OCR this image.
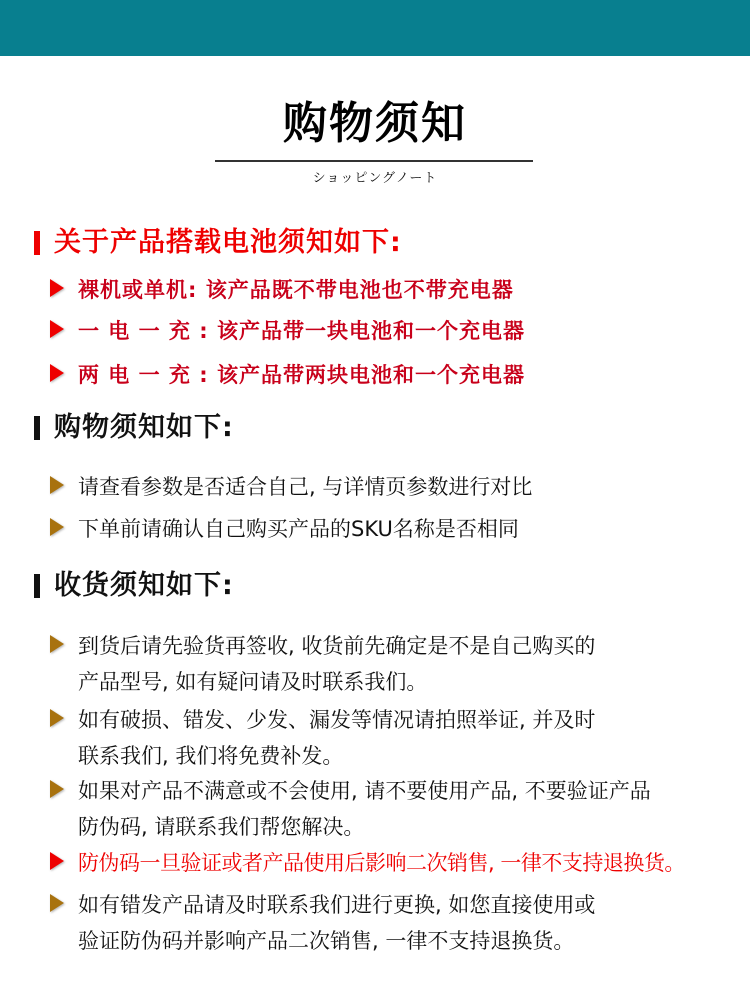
购物须知
ショッピングノート
关于产品搭载电池须知如下:
裸机或单机: 该产品既不带电池也不带充电器
一 电 一 充 : 该产品带一块电池和一个充电器
两 电 一 充 : 该产品带两块电池和一个充电器
购物须知如下:
请查看参数是否适合自己, 与详情页参数进行对比
下单前请确认自己购买产品的SKU名称是否相同
收货须知如下:
到货后请先验货再签收, 收货前先确定是不是自己购买的
产品型号, 如有疑问请及时联系我们。
如有破损、错发、少发、漏发等情况请拍照举证, 并及时
联系我们, 我们将免费补发。
如果对产品不满意或不会使用, 请不要使用产品, 不要验证产品
防伪码, 请联系我们帮您解决。
防伪码一旦验证或者产品使用后影响二次销售, 一律不支持退换货。
如有错发产品请及时联系我们进行更换, 如您直接使用或
验证防伪码并影响产品二次销售, 一律不支持退换货。
